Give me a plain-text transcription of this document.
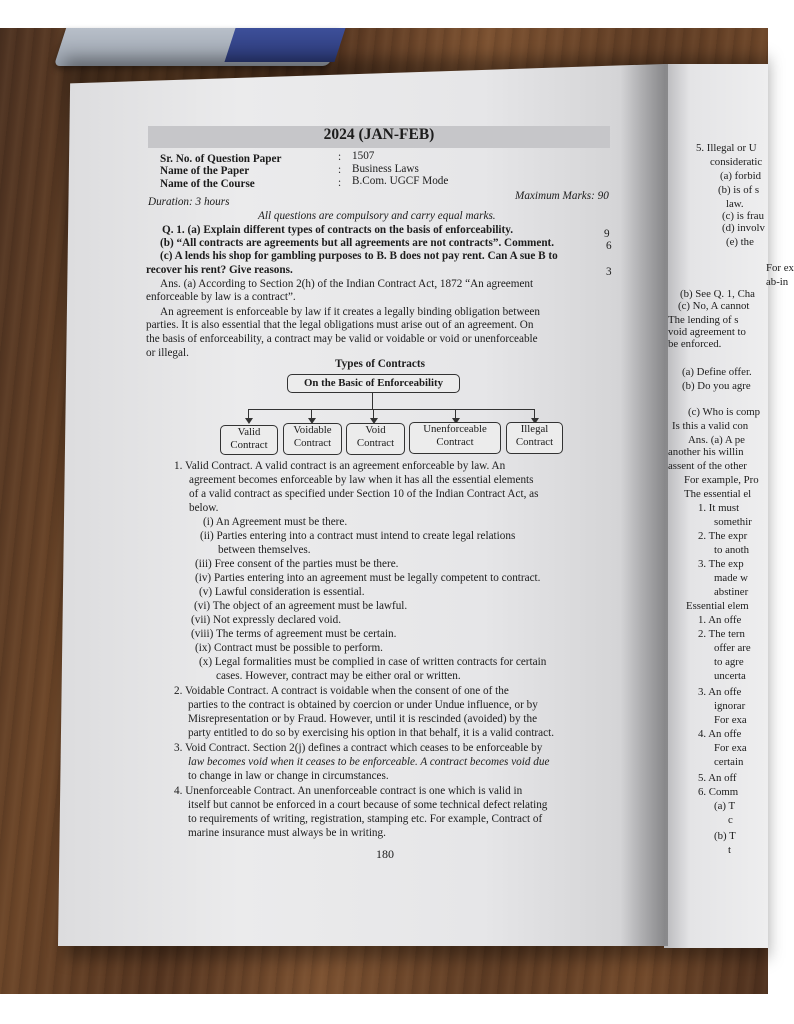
5. Illegal or U
consideratic
(a) forbid
(b) is of s
law.
(c) is frau
(d) involv
(e) the
For ex
ab-in
(b) See Q. 1, Cha
(c) No, A cannot
The lending of s
void agreement to
be enforced.
(a) Define offer.
(b) Do you agre
(c) Who is comp
Is this a valid con
Ans. (a) A pe
another his willin
assent of the other
For example, Pro
The essential el
1. It must
somethir
2. The expr
to anoth
3. The exp
made w
abstiner
Essential elem
1. An offe
2. The tern
offer are
to agre
uncerta
3. An offe
ignorar
For exa
4. An offe
For exa
certain
5. An off
6. Comm
(a) T
c
(b) T
t
2024 (JAN-FEB)
Sr. No. of Question Paper	: 1507
Name of the Paper	: Business Laws
Name of the Course	: B.Com. UGCF Mode
Duration: 3 hours	Maximum Marks: 90
All questions are compulsory and carry equal marks.
Q. 1. (a) Explain different types of contracts on the basis of enforceability.	9
(b) “All contracts are agreements but all agreements are not contracts”. Comment.	6
(c) A lends his shop for gambling purposes to B. B does not pay rent. Can A sue B to
recover his rent? Give reasons.	3
Ans. (a) According to Section 2(h) of the Indian Contract Act, 1872 “An agreement
enforceable by law is a contract”.
An agreement is enforceable by law if it creates a legally binding obligation between
parties. It is also essential that the legal obligations must arise out of an agreement. On
the basis of enforceability, a contract may be valid or voidable or void or unenforceable
or illegal.
Types of Contracts
On the Basic of Enforceability
Valid
Contract
Voidable
Contract
Void
Contract
Unenforceable
Contract
Illegal
Contract
1. Valid Contract. A valid contract is an agreement enforceable by law. An
agreement becomes enforceable by law when it has all the essential elements
of a valid contract as specified under Section 10 of the Indian Contract Act, as
below.
(i) An Agreement must be there.
(ii) Parties entering into a contract must intend to create legal relations
between themselves.
(iii) Free consent of the parties must be there.
(iv) Parties entering into an agreement must be legally competent to contract.
(v) Lawful consideration is essential.
(vi) The object of an agreement must be lawful.
(vii) Not expressly declared void.
(viii) The terms of agreement must be certain.
(ix) Contract must be possible to perform.
(x) Legal formalities must be complied in case of written contracts for certain
cases. However, contract may be either oral or written.
2. Voidable Contract. A contract is voidable when the consent of one of the
parties to the contract is obtained by coercion or under Undue influence, or by
Misrepresentation or by Fraud. However, until it is rescinded (avoided) by the
party entitled to do so by exercising his option in that behalf, it is a valid contract.
3. Void Contract. Section 2(j) defines a contract which ceases to be enforceable by
law becomes void when it ceases to be enforceable. A contract becomes void due
to change in law or change in circumstances.
4. Unenforceable Contract. An unenforceable contract is one which is valid in
itself but cannot be enforced in a court because of some technical defect relating
to requirements of writing, registration, stamping etc. For example, Contract of
marine insurance must always be in writing.
180
